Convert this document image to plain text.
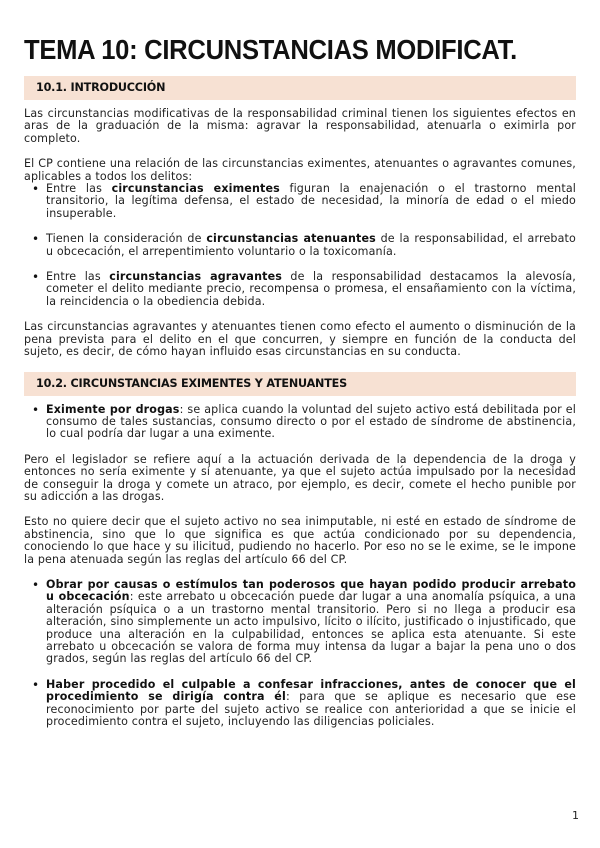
TEMA 10: CIRCUNSTANCIAS MODIFICAT.
10.1. INTRODUCCIÓN

Las circunstancias modificativas de la responsabilidad criminal tienen los siguientes efectos en aras de la graduación de la misma: agravar la responsabilidad, atenuarla o eximirla por completo.

El CP contiene una relación de las circunstancias eximentes, atenuantes o agravantes comunes, aplicables a todos los delitos:

• Entre las circunstancias eximentes figuran la enajenación o el trastorno mental transitorio, la legítima defensa, el estado de necesidad, la minoría de edad o el miedo insuperable.
• Tienen la consideración de circunstancias atenuantes de la responsabilidad, el arrebato u obcecación, el arrepentimiento voluntario o la toxicomanía.
• Entre las circunstancias agravantes de la responsabilidad destacamos la alevosía, cometer el delito mediante precio, recompensa o promesa, el ensañamiento con la víctima, la reincidencia o la obediencia debida.

Las circunstancias agravantes y atenuantes tienen como efecto el aumento o disminución de la pena prevista para el delito en el que concurren, y siempre en función de la conducta del sujeto, es decir, de cómo hayan influido esas circunstancias en su conducta.

10.2. CIRCUNSTANCIAS EXIMENTES Y ATENUANTES
• Eximente por drogas: se aplica cuando la voluntad del sujeto activo está debilitada por el consumo de tales sustancias, consumo directo o por el estado de síndrome de abstinencia, lo cual podría dar lugar a una eximente.

Pero el legislador se refiere aquí a la actuación derivada de la dependencia de la droga y entonces no sería eximente y sí atenuante, ya que el sujeto actúa impulsado por la necesidad de conseguir la droga y comete un atraco, por ejemplo, es decir, comete el hecho punible por su adicción a las drogas.

Esto no quiere decir que el sujeto activo no sea inimputable, ni esté en estado de síndrome de abstinencia, sino que lo que significa es que actúa condicionado por su dependencia, conociendo lo que hace y su ilicitud, pudiendo no hacerlo. Por eso no se le exime, se le impone la pena atenuada según las reglas del artículo 66 del CP.

• Obrar por causas o estímulos tan poderosos que hayan podido producir arrebato u obcecación: este arrebato u obcecación puede dar lugar a una anomalía psíquica, a una alteración psíquica o a un trastorno mental transitorio. Pero si no llega a producir esa alteración, sino simplemente un acto impulsivo, lícito o ilícito, justificado o injustificado, que produce una alteración en la culpabilidad, entonces se aplica esta atenuante. Si este arrebato u obcecación se valora de forma muy intensa da lugar a bajar la pena uno o dos grados, según las reglas del artículo 66 del CP.
• Haber procedido el culpable a confesar infracciones, antes de conocer que el procedimiento se dirigía contra él: para que se aplique es necesario que ese reconocimiento por parte del sujeto activo se realice con anterioridad a que se inicie el procedimiento contra el sujeto, incluyendo las diligencias policiales.
1
